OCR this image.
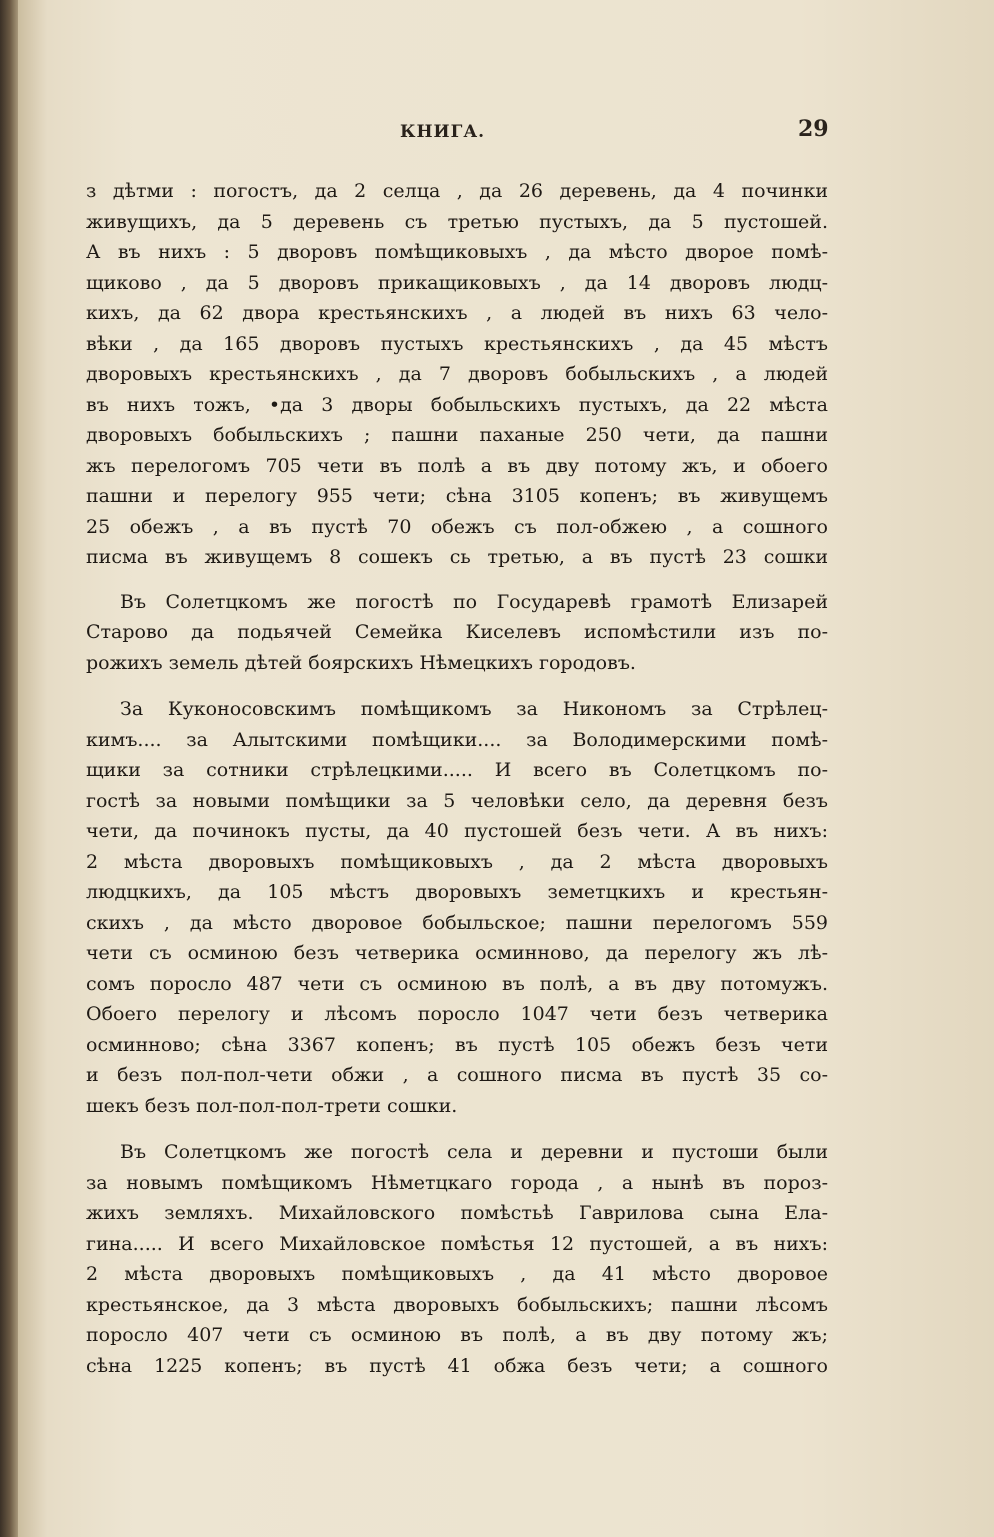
КНИГА.	29
з дѣтми : погостъ, да 2 селца , да 26 деревень, да 4 починки
живущихъ, да 5 деревень съ третью пустыхъ, да 5 пустошей.
А въ нихъ : 5 дворовъ помѣщиковыхъ , да мѣсто дворое помѣ-
щиково , да 5 дворовъ прикащиковыхъ , да 14 дворовъ людц-
кихъ, да 62 двора крестьянскихъ , а людей въ нихъ 63 чело-
вѣки , да 165 дворовъ пустыхъ крестьянскихъ , да 45 мѣстъ
дворовыхъ крестьянскихъ , да 7 дворовъ бобыльскихъ , а людей
въ нихъ тожъ, •да 3 дворы бобыльскихъ пустыхъ, да 22 мѣста
дворовыхъ бобыльскихъ ; пашни паханые 250 чети, да пашни
жъ перелогомъ 705 чети въ полѣ а въ дву потому жъ, и обоего
пашни и перелогу 955 чети; сѣна 3105 копенъ; въ живущемъ
25 обежъ , а въ пустѣ 70 обежъ съ пол-обжею , а сошного
писма въ живущемъ 8 сошекъ сь третью, а въ пустѣ 23 сошки
Въ Солетцкомъ же погостѣ по Государевѣ грамотѣ Елизарей
Старово да подьячей Семейка Киселевъ испомѣстили изъ по-
рожихъ земель дѣтей боярскихъ Нѣмецкихъ городовъ.
За Куконосовскимъ помѣщикомъ за Никономъ за Стрѣлец-
кимъ.... за Алытскими помѣщики.... за Володимерскими помѣ-
щики за сотники стрѣлецкими..... И всего въ Солетцкомъ по-
гостѣ за новыми помѣщики за 5 человѣки село, да деревня безъ
чети, да починокъ пусты, да 40 пустошей безъ чети. А въ нихъ:
2 мѣста дворовыхъ помѣщиковыхъ , да 2 мѣста дворовыхъ
людцкихъ, да 105 мѣстъ дворовыхъ земетцкихъ и крестьян-
скихъ , да мѣсто дворовое бобыльское; пашни перелогомъ 559
чети съ осминою безъ четверика осминново, да перелогу жъ лѣ-
сомъ поросло 487 чети съ осминою въ полѣ, а въ дву потомужъ.
Обоего перелогу и лѣсомъ поросло 1047 чети безъ четверика
осминново; сѣна 3367 копенъ; въ пустѣ 105 обежъ безъ чети
и безъ пол-пол-чети обжи , а сошного писма въ пустѣ 35 со-
шекъ безъ пол-пол-пол-трети сошки.
Въ Солетцкомъ же погостѣ села и деревни и пустоши были
за новымъ помѣщикомъ Нѣметцкаго города , а нынѣ въ пороз-
жихъ земляхъ. Михайловского помѣстьѣ Гаврилова сына Ела-
гина..... И всего Михайловское помѣстья 12 пустошей, а въ нихъ:
2 мѣста дворовыхъ помѣщиковыхъ , да 41 мѣсто дворовое
крестьянское, да 3 мѣста дворовыхъ бобыльскихъ; пашни лѣсомъ
поросло 407 чети съ осминою въ полѣ, а въ дву потому жъ;
сѣна 1225 копенъ; въ пустѣ 41 обжа безъ чети; а сошного
